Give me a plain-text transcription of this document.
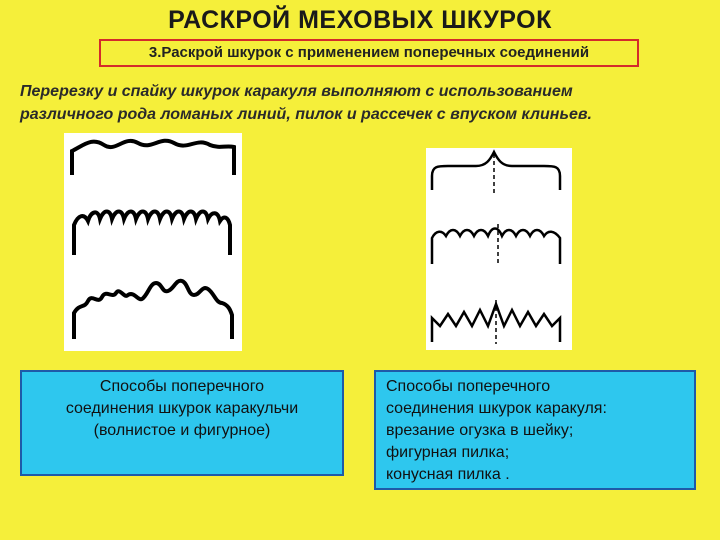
РАСКРОЙ МЕХОВЫХ ШКУРОК
3.Раскрой шкурок с применением поперечных соединений
Перерезку и спайку шкурок каракуля выполняют с использованием
различного рода ломаных линий, пилок и рассечек с впуском клиньев.
Способы поперечного
соединения шкурок каракульчи
(волнистое и фигурное)
Способы поперечного
соединения шкурок каракуля:
врезание огузка в шейку;
фигурная пилка;
конусная пилка .
